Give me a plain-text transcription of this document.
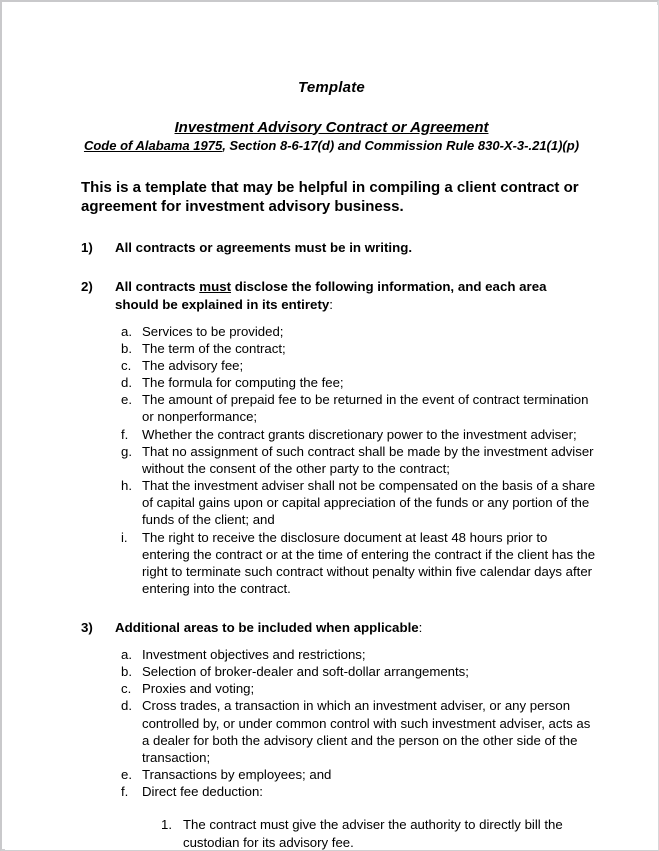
Template
Investment Advisory Contract or Agreement
Code of Alabama 1975, Section 8-6-17(d) and Commission Rule 830-X-3-.21(1)(p)
This is a template that may be helpful in compiling a client contract or agreement for investment advisory business.
1) All contracts or agreements must be in writing.
2) All contracts must disclose the following information, and each area should be explained in its entirety:
a. Services to be provided;
b. The term of the contract;
c. The advisory fee;
d. The formula for computing the fee;
e. The amount of prepaid fee to be returned in the event of contract termination or nonperformance;
f.	Whether the contract grants discretionary power to the investment adviser;
g. That no assignment of such contract shall be made by the investment adviser without the consent of the other party to the contract;
h. That the investment adviser shall not be compensated on the basis of a share of capital gains upon or capital appreciation of the funds or any portion of the funds of the client; and
i.	The right to receive the disclosure document at least 48 hours prior to entering the contract or at the time of entering the contract if the client has the right to terminate such contract without penalty within five calendar days after entering into the contract.
3) Additional areas to be included when applicable:
a. Investment objectives and restrictions;
b. Selection of broker-dealer and soft-dollar arrangements;
c. Proxies and voting;
d. Cross trades, a transaction in which an investment adviser, or any person controlled by, or under common control with such investment adviser, acts as a dealer for both the advisory client and the person on the other side of the transaction;
e. Transactions by employees; and
f.	Direct fee deduction:
1. The contract must give the adviser the authority to directly bill the custodian for its advisory fee.
